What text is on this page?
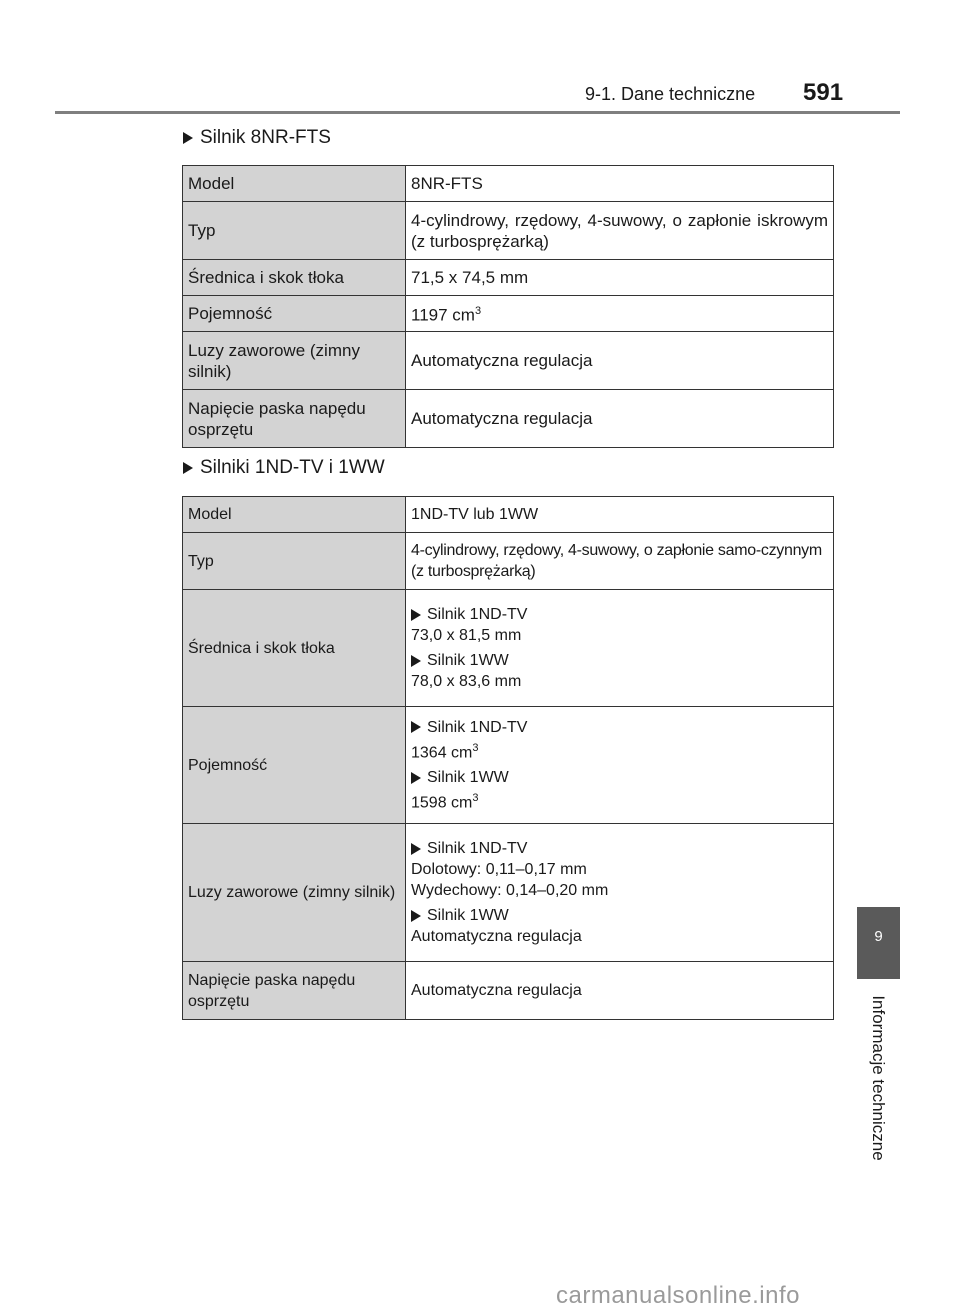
9-1. Dane techniczne 591
Silnik 8NR-FTS
Model	8NR-FTS
Typ	4-cylindrowy, rzędowy, 4-suwowy, o zapłonie iskrowym (z turbosprężarką)
Średnica i skok tłoka	71,5 x 74,5 mm
Pojemność	1197 $cm^3$
Luzy zaworowe (zimny silnik)	Automatyczna regulacja
Napięcie paska napędu osprzętu	Automatyczna regulacja
Silniki 1ND-TV i 1WW
Model	1ND-TV lub 1WW
Typ	4-cylindrowy, rzędowy, 4-suwowy, o zapłonie samo-czynnym (z turbosprężarką)
Średnica i skok tłoka	Silnik 1ND-TV
73,0 x 81,5 mm
Silnik 1WW
78,0 x 83,6 mm

Pojemność	Silnik 1ND-TV
1364 $cm^3$
Silnik 1WW
1598 $cm^3$

Luzy zaworowe (zimny silnik)	Silnik 1ND-TV
Dolotowy: 0,11–0,17 mm
Wydechowy: 0,14–0,20 mm
Silnik 1WW
Automatyczna regulacja

Napięcie paska napędu osprzętu	Automatyczna regulacja
9
Informacje techniczne
carmanualsonline.info
